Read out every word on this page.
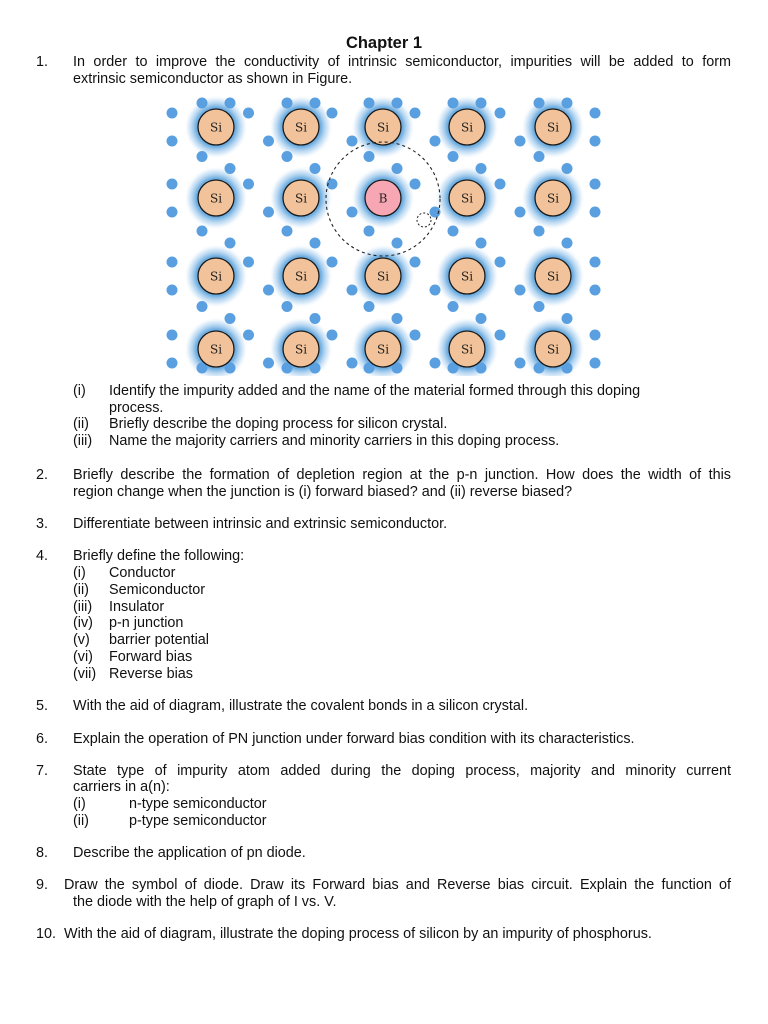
Chapter 1
1. In order to improve the conductivity of intrinsic semiconductor, impurities will be added to form
extrinsic semiconductor as shown in Figure.
Si	Si	Si	Si	Si
Si	Si	B	Si	Si
Si	Si	Si	Si	Si
Si	Si	Si	Si	Si
(i) Identify the impurity added and the name of the material formed through this doping
process.
(ii) Briefly describe the doping process for silicon crystal.
(iii) Name the majority carriers and minority carriers in this doping process.
2. Briefly describe the formation of depletion region at the p-n junction. How does the width of this
region change when the junction is (i) forward biased? and (ii) reverse biased?
3. Differentiate between intrinsic and extrinsic semiconductor.
4. Briefly define the following:
(i) Conductor
(ii) Semiconductor
(iii) Insulator
(iv) p-n junction
(v) barrier potential
(vi) Forward bias
(vii) Reverse bias
5. With the aid of diagram, illustrate the covalent bonds in a silicon crystal.
6. Explain the operation of PN junction under forward bias condition with its characteristics.
7. State type of impurity atom added during the doping process, majority and minority current
carriers in a(n):
(i)	n-type semiconductor
(ii)	p-type semiconductor
8. Describe the application of pn diode.
9. Draw the symbol of diode. Draw its Forward bias and Reverse bias circuit. Explain the function of
the diode with the help of graph of I vs. V.
10. With the aid of diagram, illustrate the doping process of silicon by an impurity of phosphorus.
